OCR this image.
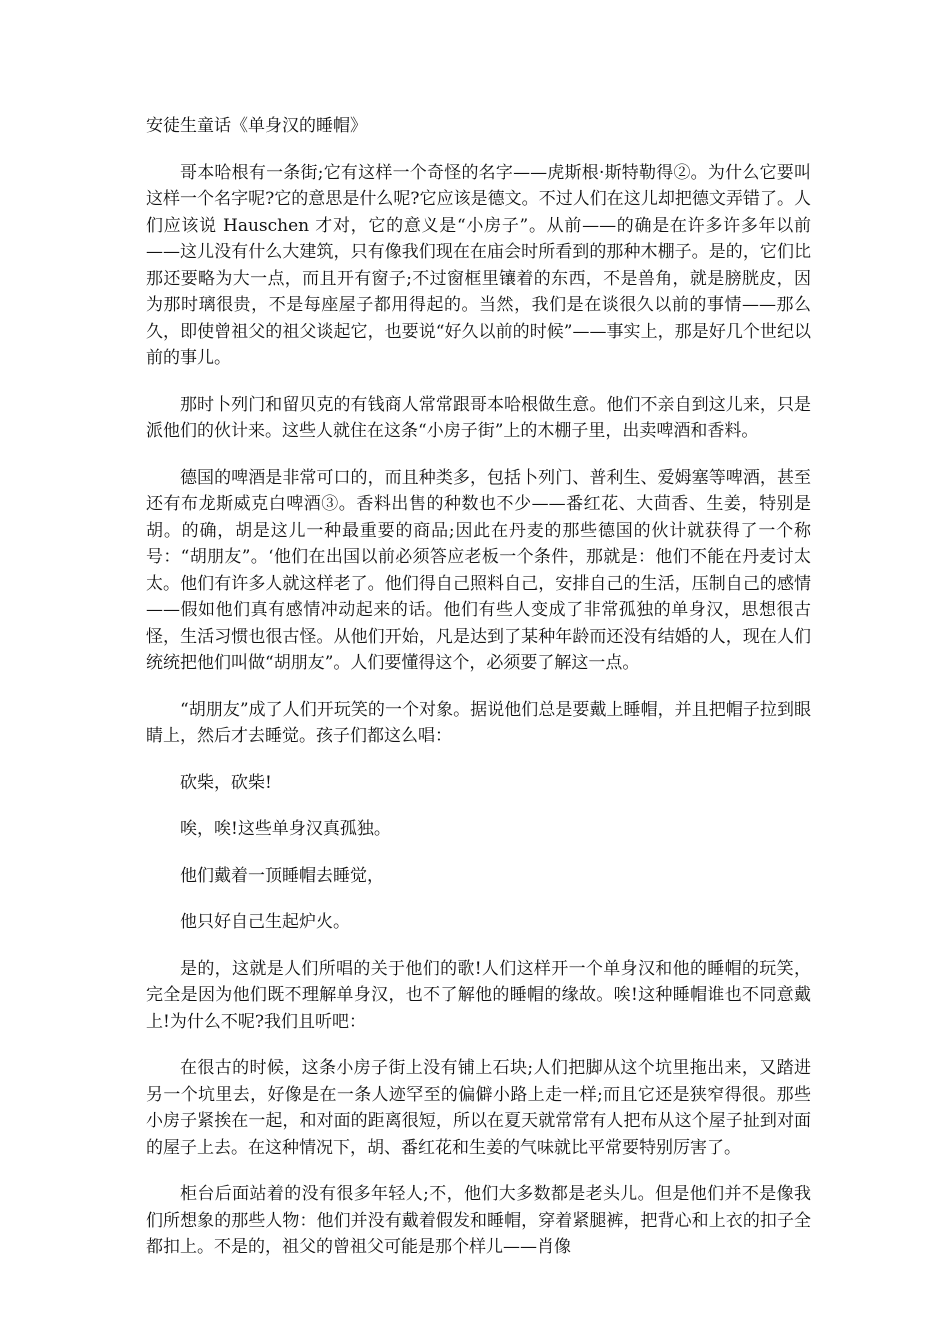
安徒生童话《单身汉的睡帽》

哥本哈根有一条街;它有这样一个奇怪的名字——虎斯根·斯特勒得②。为什么它要叫这样一个名字呢?它的意思是什么呢?它应该是德文。不过人们在这儿却把德文弄错了。人们应该说 Hauschen 才对，它的意义是“小房子”。从前——的确是在许多许多年以前——这儿没有什么大建筑，只有像我们现在在庙会时所看到的那种木棚子。是的，它们比那还要略为大一点，而且开有窗子;不过窗框里镶着的东西，不是兽角，就是膀胱皮，因为那时璃很贵，不是每座屋子都用得起的。当然，我们是在谈很久以前的事情——那么久，即使曾祖父的祖父谈起它，也要说“好久以前的时候”——事实上，那是好几个世纪以前的事儿。

那时卜列门和留贝克的有钱商人常常跟哥本哈根做生意。他们不亲自到这儿来，只是派他们的伙计来。这些人就住在这条“小房子街”上的木棚子里，出卖啤酒和香料。

德国的啤酒是非常可口的，而且种类多，包括卜列门、普利生、爱姆塞等啤酒，甚至还有布龙斯威克白啤酒③。香料出售的种数也不少——番红花、大茴香、生姜，特别是胡。的确，胡是这儿一种最重要的商品;因此在丹麦的那些德国的伙计就获得了一个称号：“胡朋友”。‘他们在出国以前必须答应老板一个条件，那就是：他们不能在丹麦讨太太。他们有许多人就这样老了。他们得自己照料自己，安排自己的生活，压制自己的感情——假如他们真有感情冲动起来的话。他们有些人变成了非常孤独的单身汉，思想很古怪，生活习惯也很古怪。从他们开始，凡是达到了某种年龄而还没有结婚的人，现在人们统统把他们叫做“胡朋友”。人们要懂得这个，必须要了解这一点。

“胡朋友”成了人们开玩笑的一个对象。据说他们总是要戴上睡帽，并且把帽子拉到眼睛上，然后才去睡觉。孩子们都这么唱：

砍柴，砍柴!

唉，唉!这些单身汉真孤独。

他们戴着一顶睡帽去睡觉，

他只好自己生起炉火。

是的，这就是人们所唱的关于他们的歌!人们这样开一个单身汉和他的睡帽的玩笑，完全是因为他们既不理解单身汉，也不了解他的睡帽的缘故。唉!这种睡帽谁也不同意戴上!为什么不呢?我们且听吧：

在很古的时候，这条小房子街上没有铺上石块;人们把脚从这个坑里拖出来，又踏进另一个坑里去，好像是在一条人迹罕至的偏僻小路上走一样;而且它还是狭窄得很。那些小房子紧挨在一起，和对面的距离很短，所以在夏天就常常有人把布从这个屋子扯到对面的屋子上去。在这种情况下，胡、番红花和生姜的气味就比平常要特别厉害了。

柜台后面站着的没有很多年轻人;不，他们大多数都是老头儿。但是他们并不是像我们所想象的那些人物：他们并没有戴着假发和睡帽，穿着紧腿裤，把背心和上衣的扣子全都扣上。不是的，祖父的曾祖父可能是那个样儿——肖像
